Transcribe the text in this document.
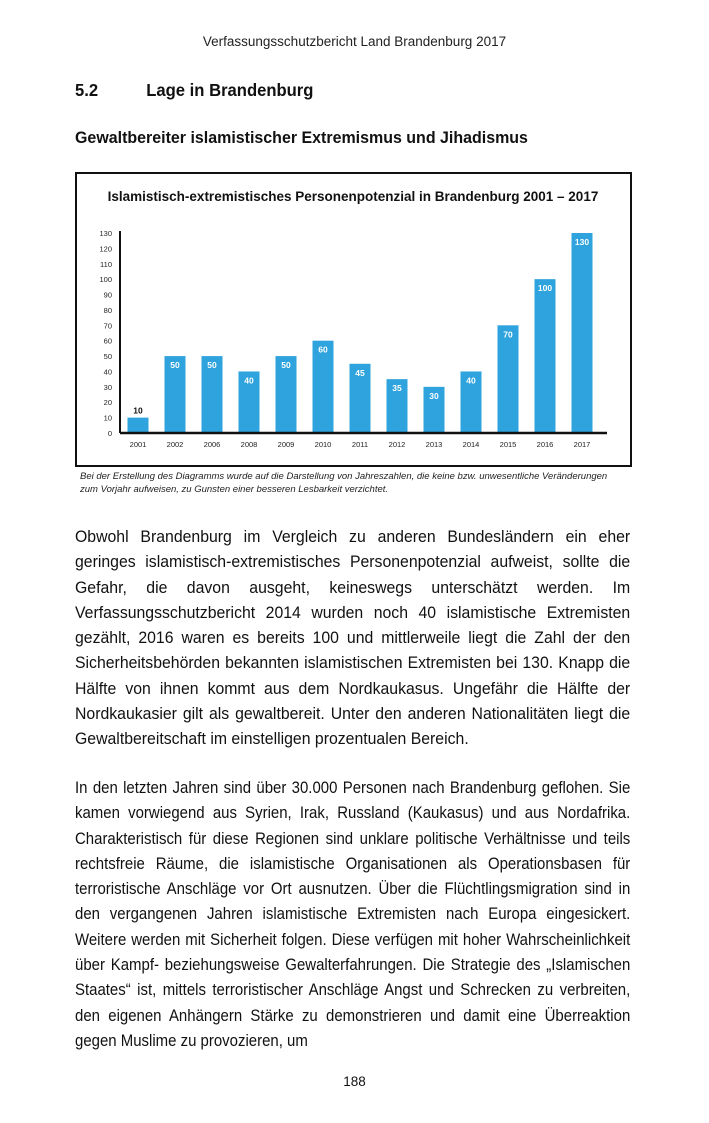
Verfassungsschutzbericht Land Brandenburg 2017
5.2	Lage in Brandenburg
Gewaltbereiter islamistischer Extremismus und Jihadismus
Islamistisch-extremistisches Personenpotenzial in Brandenburg 2001 – 2017
0
10
20
30
40
50
60
70
80
90
100
110
120
130
10
50	50
40
50
60
45
35
30
40
70
100
130
2001	2002	2006	2008	2009	2010	2011	2012	2013	2014	2015	2016	2017
Bei der Erstellung des Diagramms wurde auf die Darstellung von Jahreszahlen, die keine bzw. unwesentliche Veränderungen zum Vorjahr aufweisen, zu Gunsten einer besseren Lesbarkeit verzichtet.
Obwohl Brandenburg im Vergleich zu anderen Bundesländern ein eher geringes islamistisch-extremistisches Personenpotenzial aufweist, sollte die Gefahr, die davon ausgeht, keineswegs unterschätzt werden. Im Verfassungsschutzbericht 2014 wurden noch 40 islamistische Extremisten gezählt, 2016 waren es bereits 100 und mittlerweile liegt die Zahl der den Sicherheitsbehörden bekannten islamistischen Extremisten bei 130. Knapp die Hälfte von ihnen kommt aus dem Nordkaukasus. Ungefähr die Hälfte der Nordkaukasier gilt als gewaltbereit. Unter den anderen Nationalitäten liegt die Gewaltbereitschaft im einstelligen prozentualen Bereich.
In den letzten Jahren sind über 30.000 Personen nach Brandenburg geflohen. Sie kamen vorwiegend aus Syrien, Irak, Russland (Kaukasus) und aus Nordafrika. Charakteristisch für diese Regionen sind unklare politische Verhältnisse und teils rechtsfreie Räume, die islamistische Organisationen als Operationsbasen für terroristische Anschläge vor Ort ausnutzen. Über die Flüchtlingsmigration sind in den vergangenen Jahren islamistische Extremisten nach Europa eingesickert. Weitere werden mit Sicherheit folgen. Diese verfügen mit hoher Wahrscheinlichkeit über Kampf- beziehungsweise Gewalterfahrungen. Die Strategie des „Islamischen Staates“ ist, mittels terroristischer Anschläge Angst und Schrecken zu verbreiten, den eigenen Anhängern Stärke zu demonstrieren und damit eine Überreaktion gegen Muslime zu provozieren, um
188
